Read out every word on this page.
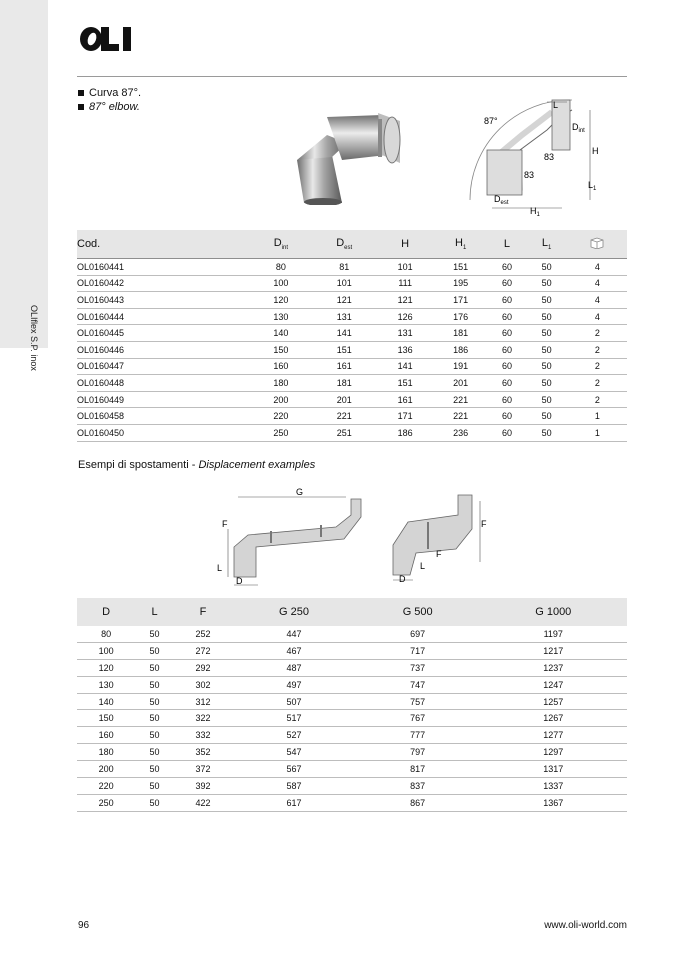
OLIflex S.P. inox
Curva 87°.
87° elbow.
87°
L
$D_{int}$
H
83
83
$L_1$
$D_{est}$
$H_1$
Cod.	$D_{int}$	$D_{est}$	H	$H_1$	L	$L_1$	
OL0160441	80	81	101	151	60	50	4
OL0160442	100	101	111	195	60	50	4
OL0160443	120	121	121	171	60	50	4
OL0160444	130	131	126	176	60	50	4
OL0160445	140	141	131	181	60	50	2
OL0160446	150	151	136	186	60	50	2
OL0160447	160	161	141	191	60	50	2
OL0160448	180	181	151	201	60	50	2
OL0160449	200	201	161	221	60	50	2
OL0160458	220	221	171	221	60	50	1
OL0160450	250	251	186	236	60	50	1
Esempi di spostamenti - Displacement examples
G
F
L
D
F
F
L
D
D	L	F	G 250	G 500	G 1000
80	50	252	447	697	1197
100	50	272	467	717	1217
120	50	292	487	737	1237
130	50	302	497	747	1247
140	50	312	507	757	1257
150	50	322	517	767	1267
160	50	332	527	777	1277
180	50	352	547	797	1297
200	50	372	567	817	1317
220	50	392	587	837	1337
250	50	422	617	867	1367
96	www.oli-world.com
